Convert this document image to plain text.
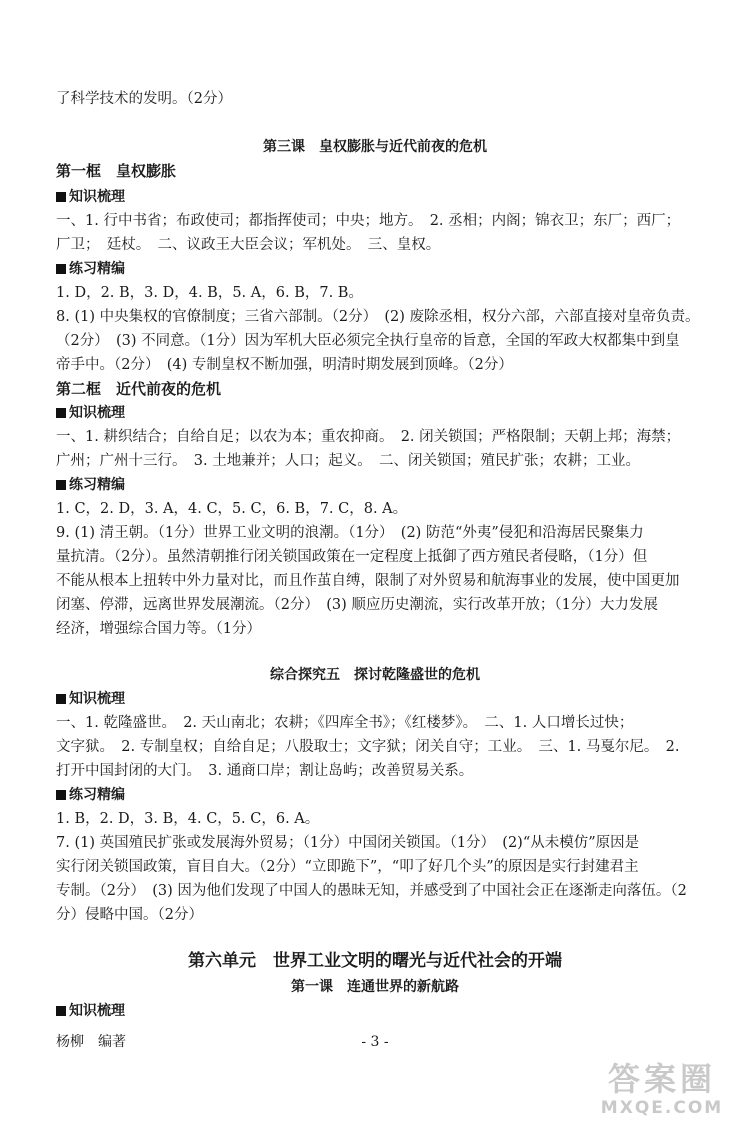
了科学技术的发明。（2分）
第三课　皇权膨胀与近代前夜的危机
第一框　皇权膨胀
知识梳理
一、1. 行中书省；布政使司；都指挥使司；中央；地方。　2. 丞相；内阁；锦衣卫；东厂；西厂；
厂卫；　廷杖。　二、议政王大臣会议；军机处。　三、皇权。
练习精编
1. D，2. B，3. D，4. B，5. A，6. B，7. B。
8. (1) 中央集权的官僚制度；三省六部制。（2分）　(2) 废除丞相，权分六部，六部直接对皇帝负责。
（2分）　(3) 不同意。（1分）因为军机大臣必须完全执行皇帝的旨意，全国的军政大权都集中到皇
帝手中。（2分）　(4) 专制皇权不断加强，明清时期发展到顶峰。（2分）
第二框　近代前夜的危机
知识梳理
一、1. 耕织结合；自给自足；以农为本；重农抑商。　2. 闭关锁国；严格限制；天朝上邦；海禁；
广州；广州十三行。　3. 土地兼并；人口；起义。　二、闭关锁国；殖民扩张；农耕；工业。
练习精编
1. C，2. D，3. A，4. C，5. C，6. B，7. C，8. A。
9. (1) 清王朝。（1分）世界工业文明的浪潮。（1分）　(2) 防范“外夷”侵犯和沿海居民聚集力
量抗清。（2分）。虽然清朝推行闭关锁国政策在一定程度上抵御了西方殖民者侵略，（1分）但
不能从根本上扭转中外力量对比，而且作茧自缚，限制了对外贸易和航海事业的发展，使中国更加
闭塞、停滞，远离世界发展潮流。（2分）　(3) 顺应历史潮流，实行改革开放；（1分）大力发展
经济，增强综合国力等。（1分）
综合探究五　探讨乾隆盛世的危机
知识梳理
一、1. 乾隆盛世。　2. 天山南北；农耕；《四库全书》；《红楼梦》。　二、1. 人口增长过快；
文字狱。　2. 专制皇权；自给自足；八股取士；文字狱；闭关自守；工业。　三、1. 马戛尔尼。　2.
打开中国封闭的大门。　3. 通商口岸；割让岛屿；改善贸易关系。
练习精编
1. B，2. D，3. B，4. C，5. C，6. A。
7. (1) 英国殖民扩张或发展海外贸易；（1分）中国闭关锁国。（1分）　(2)“从未模仿”原因是
实行闭关锁国政策，盲目自大。（2分）“立即跪下”，“叩了好几个头”的原因是实行封建君主
专制。（2分）　(3) 因为他们发现了中国人的愚昧无知，并感受到了中国社会正在逐渐走向落伍。（2
分）侵略中国。（2分）
第六单元　世界工业文明的曙光与近代社会的开端
第一课　连通世界的新航路
知识梳理
杨柳　编著	- 3 -
答案圈
MXQE.COM
